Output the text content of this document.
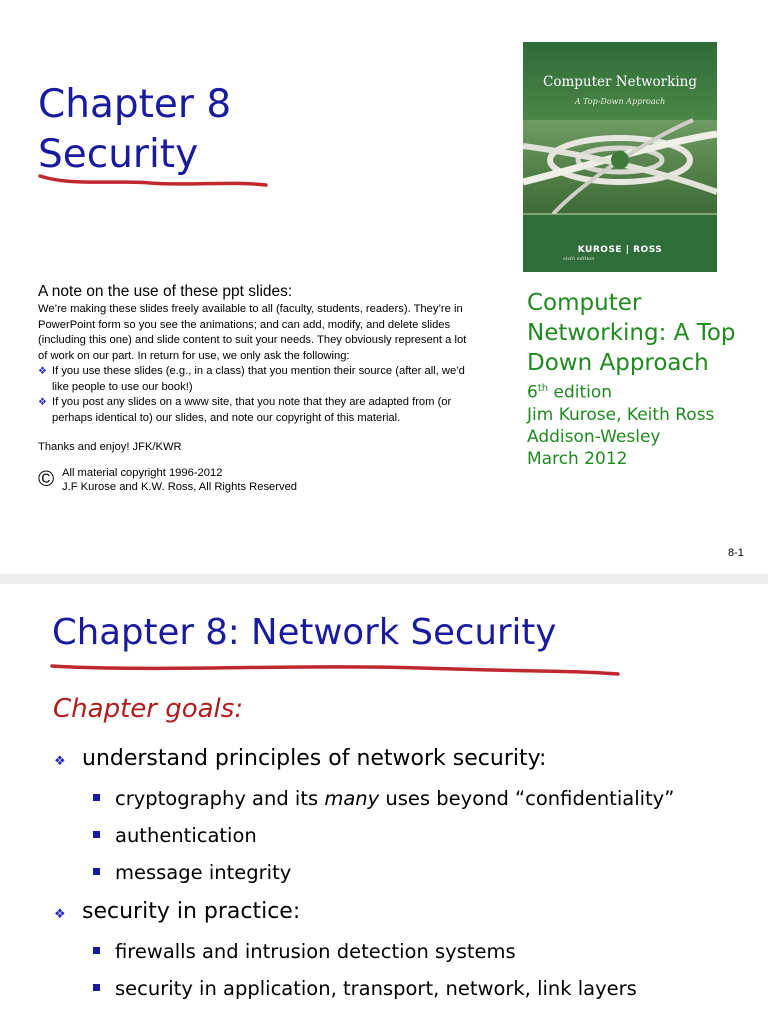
Chapter 8
Security
Computer Networking
A Top-Down Approach
sixth edition
KUROSE | ROSS
A note on the use of these ppt slides:

We’re making these slides freely available to all (faculty, students, readers). They’re in PowerPoint form so you see the animations; and can add, modify, and delete slides (including this one) and slide content to suit your needs. They obviously represent a lot of work on our part. In return for use, we only ask the following:

❖ If you use these slides (e.g., in a class) that you mention their source (after all, we’d like people to use our book!)
❖ If you post any slides on a www site, that you note that they are adapted from (or perhaps identical to) our slides, and note our copyright of this material.

Thanks and enjoy! JFK/KWR

© All material copyright 1996-2012
J.F Kurose and K.W. Ross, All Rights Reserved
Computer
Networking: A Top
Down Approach
6th edition
Jim Kurose, Keith Ross
Addison-Wesley
March 2012
8-1
Chapter 8: Network Security
Chapter goals:
❖ understand principles of network security:
cryptography and its many uses beyond “confidentiality”
authentication
message integrity
❖ security in practice:
firewalls and intrusion detection systems
security in application, transport, network, link layers
